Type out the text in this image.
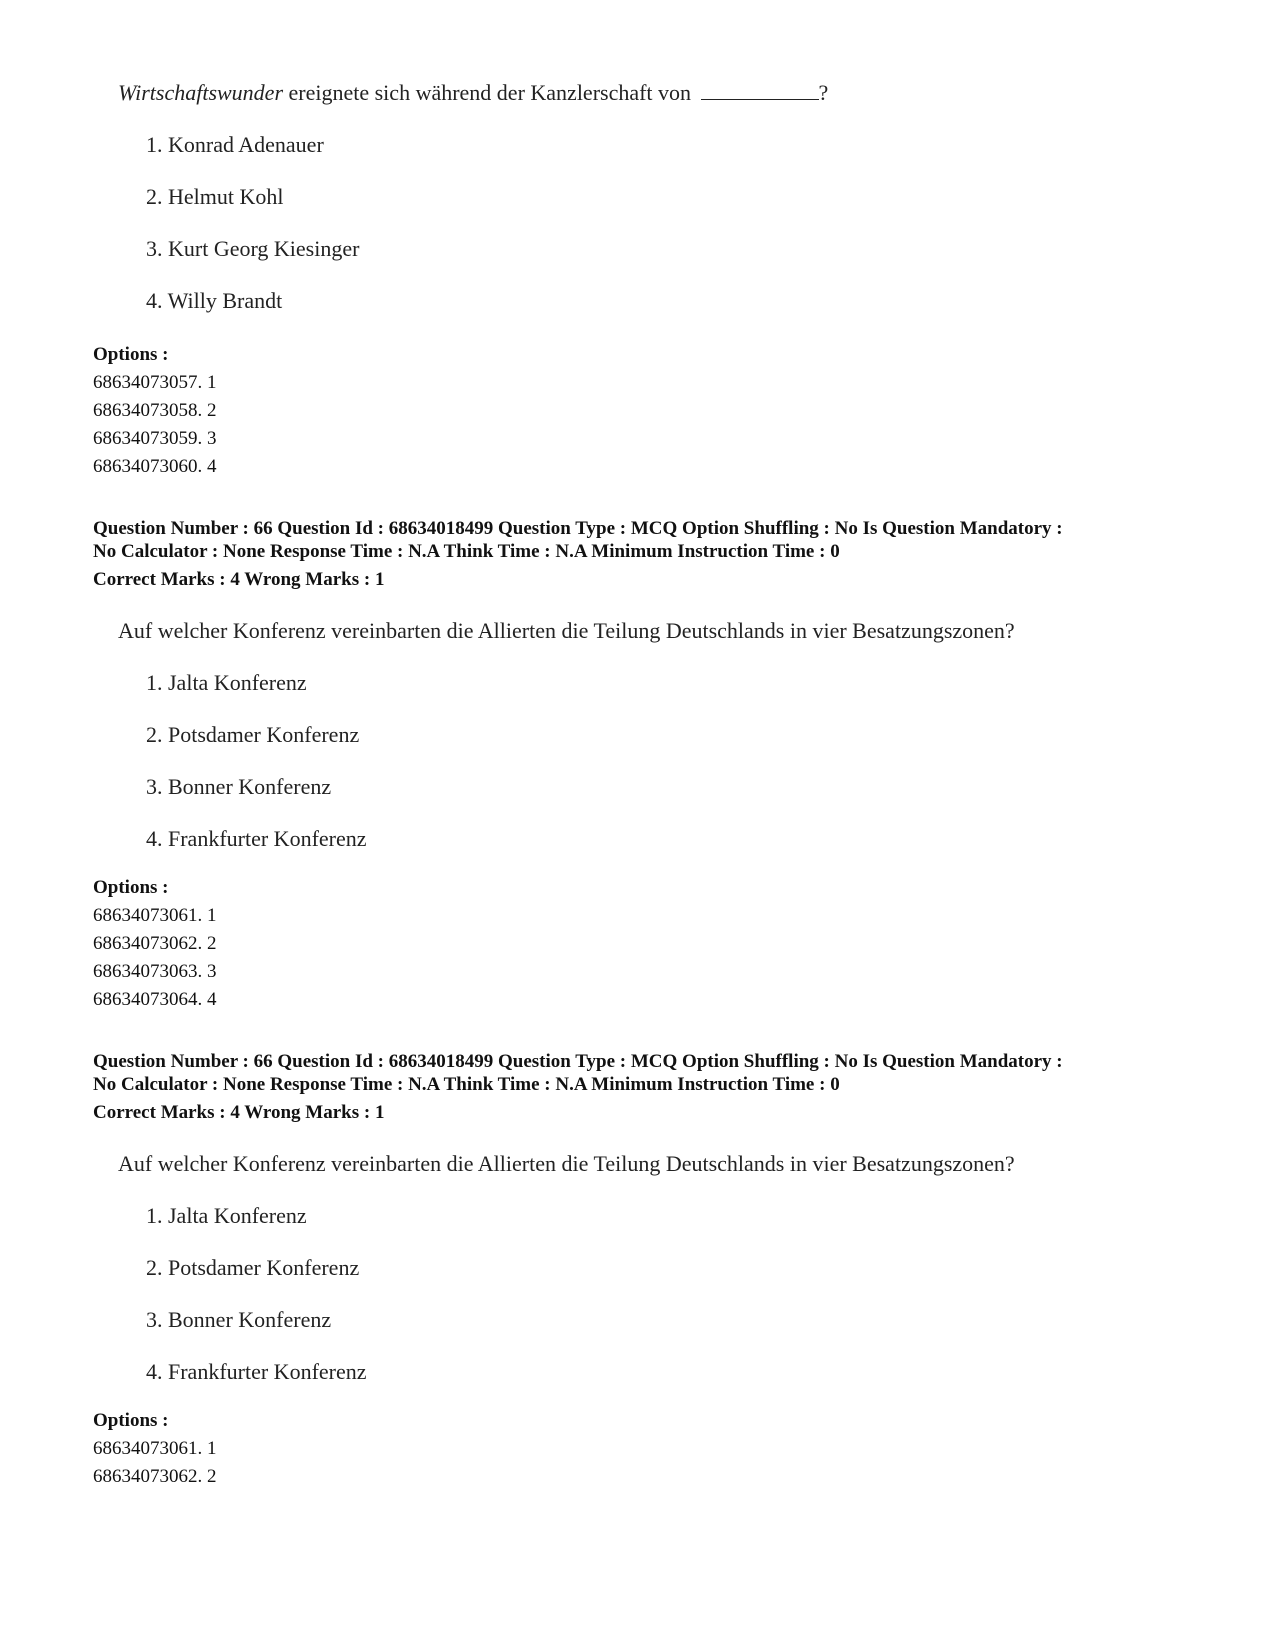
Wirtschaftswunder ereignete sich während der Kanzlerschaft von	?
1. Konrad Adenauer
2. Helmut Kohl
3. Kurt Georg Kiesinger
4. Willy Brandt
Options :
68634073057. 1
68634073058. 2
68634073059. 3
68634073060. 4
Question Number : 66 Question Id : 68634018499 Question Type : MCQ Option Shuffling : No Is Question Mandatory :
No Calculator : None Response Time : N.A Think Time : N.A Minimum Instruction Time : 0
Correct Marks : 4 Wrong Marks : 1
Auf welcher Konferenz vereinbarten die Allierten die Teilung Deutschlands in vier Besatzungszonen?
1. Jalta Konferenz
2. Potsdamer Konferenz
3. Bonner Konferenz
4. Frankfurter Konferenz
Options :
68634073061. 1
68634073062. 2
68634073063. 3
68634073064. 4
Question Number : 66 Question Id : 68634018499 Question Type : MCQ Option Shuffling : No Is Question Mandatory :
No Calculator : None Response Time : N.A Think Time : N.A Minimum Instruction Time : 0
Correct Marks : 4 Wrong Marks : 1
Auf welcher Konferenz vereinbarten die Allierten die Teilung Deutschlands in vier Besatzungszonen?
1. Jalta Konferenz
2. Potsdamer Konferenz
3. Bonner Konferenz
4. Frankfurter Konferenz
Options :
68634073061. 1
68634073062. 2
